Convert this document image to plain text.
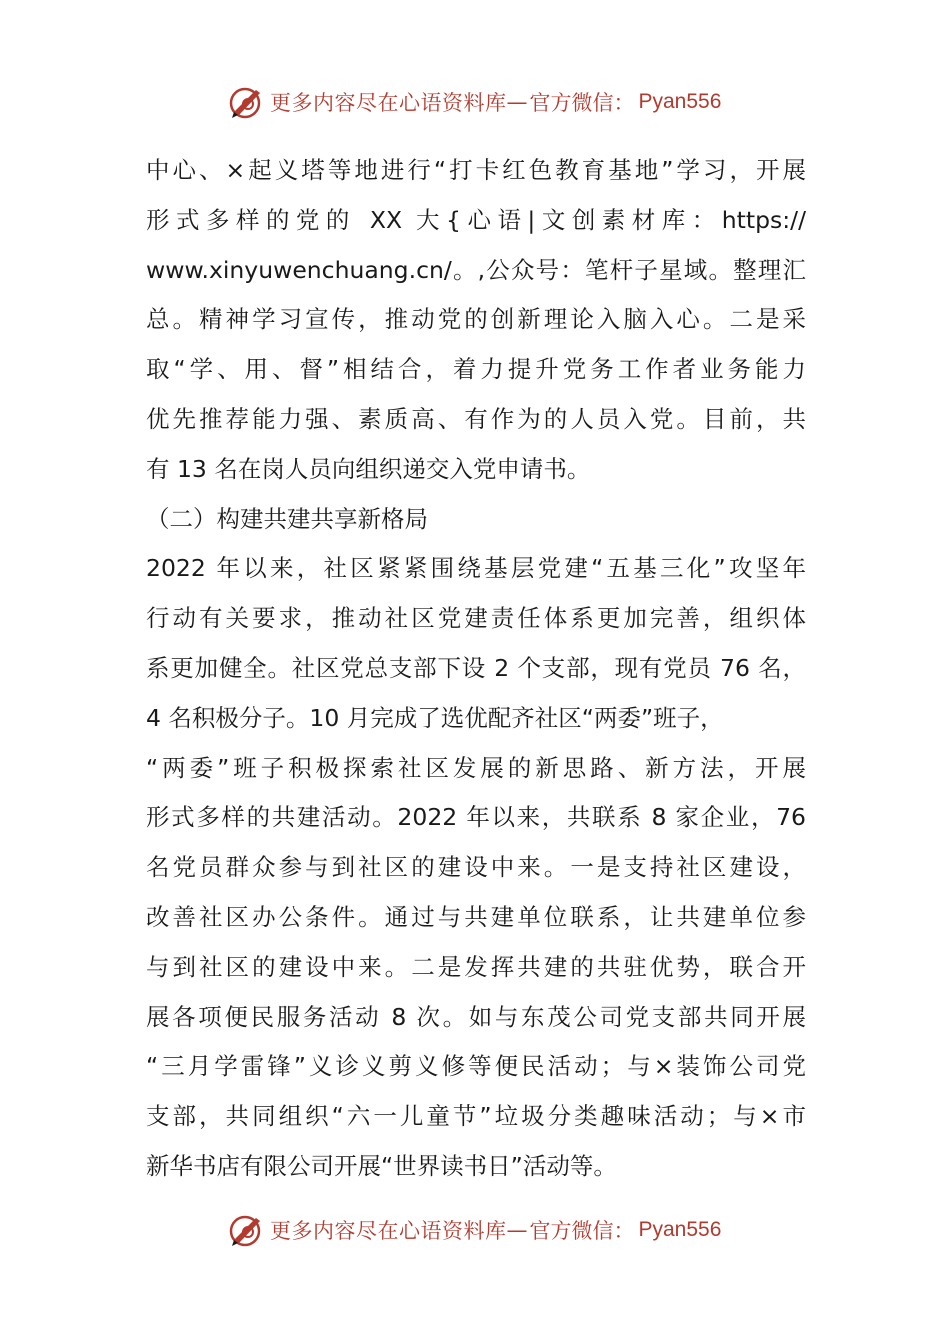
更多内容尽在心语资料库 — 官方微信： Pyan556
中心、×起义塔等地进行“打卡红色教育基地”学习，开展
形式多样的党的 XX 大{心语|文创素材库：https://
www.xinyuwenchuang.cn/。,公众号：笔杆子星域。整理汇
总。精神学习宣传，推动党的创新理论入脑入心。二是采
取“学、用、督”相结合，着力提升党务工作者业务能力
优先推荐能力强、素质高、有作为的人员入党。目前，共
有 13 名在岗人员向组织递交入党申请书。
（二）构建共建共享新格局
2022 年以来，社区紧紧围绕基层党建“五基三化”攻坚年
行动有关要求，推动社区党建责任体系更加完善，组织体
系更加健全。社区党总支部下设 2 个支部，现有党员 76 名，
4 名积极分子。10 月完成了选优配齐社区“两委”班子，
“两委”班子积极探索社区发展的新思路、新方法，开展
形式多样的共建活动。2022 年以来，共联系 8 家企业，76
名党员群众参与到社区的建设中来。一是支持社区建设，
改善社区办公条件。通过与共建单位联系，让共建单位参
与到社区的建设中来。二是发挥共建的共驻优势，联合开
展各项便民服务活动 8 次。如与东茂公司党支部共同开展
“三月学雷锋”义诊义剪义修等便民活动；与×装饰公司党
支部，共同组织“六一儿童节”垃圾分类趣味活动；与×市
新华书店有限公司开展“世界读书日”活动等。
更多内容尽在心语资料库 — 官方微信： Pyan556
